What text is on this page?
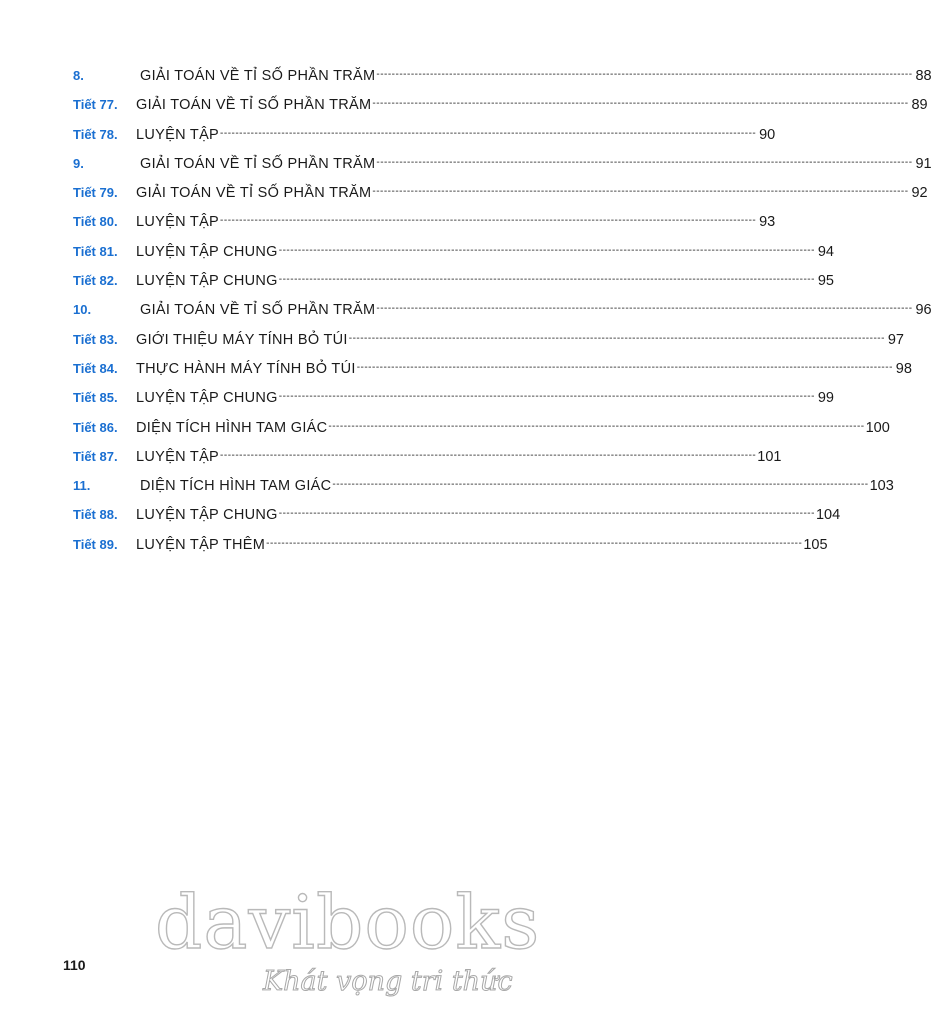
8.	GIẢI TOÁN VỀ TỈ SỐ PHẦN TRĂM -------------------------------------------------------------------------------------------------------------------------------------------- 88
Tiết 77.	GIẢI TOÁN VỀ TỈ SỐ PHẦN TRĂM -------------------------------------------------------------------------------------------------------------------------------------------- 89
Tiết 78.	LUYỆN TẬP -------------------------------------------------------------------------------------------------------------------------------------------- 90
9.	GIẢI TOÁN VỀ TỈ SỐ PHẦN TRĂM -------------------------------------------------------------------------------------------------------------------------------------------- 91
Tiết 79.	GIẢI TOÁN VỀ TỈ SỐ PHẦN TRĂM -------------------------------------------------------------------------------------------------------------------------------------------- 92
Tiết 80.	LUYỆN TẬP -------------------------------------------------------------------------------------------------------------------------------------------- 93
Tiết 81.	LUYỆN TẬP CHUNG -------------------------------------------------------------------------------------------------------------------------------------------- 94
Tiết 82.	LUYỆN TẬP CHUNG -------------------------------------------------------------------------------------------------------------------------------------------- 95
10.	GIẢI TOÁN VỀ TỈ SỐ PHẦN TRĂM -------------------------------------------------------------------------------------------------------------------------------------------- 96
Tiết 83.	GIỚI THIỆU MÁY TÍNH BỎ TÚI -------------------------------------------------------------------------------------------------------------------------------------------- 97
Tiết 84.	THỰC HÀNH MÁY TÍNH BỎ TÚI -------------------------------------------------------------------------------------------------------------------------------------------- 98
Tiết 85.	LUYỆN TẬP CHUNG -------------------------------------------------------------------------------------------------------------------------------------------- 99
Tiết 86.	DIỆN TÍCH HÌNH TAM GIÁC -------------------------------------------------------------------------------------------------------------------------------------------- 100
Tiết 87.	LUYỆN TẬP -------------------------------------------------------------------------------------------------------------------------------------------- 101
11.	DIỆN TÍCH HÌNH TAM GIÁC -------------------------------------------------------------------------------------------------------------------------------------------- 103
Tiết 88.	LUYỆN TẬP CHUNG -------------------------------------------------------------------------------------------------------------------------------------------- 104
Tiết 89.	LUYỆN TẬP THÊM -------------------------------------------------------------------------------------------------------------------------------------------- 105
110 davibooks
Khát vọng tri thức
